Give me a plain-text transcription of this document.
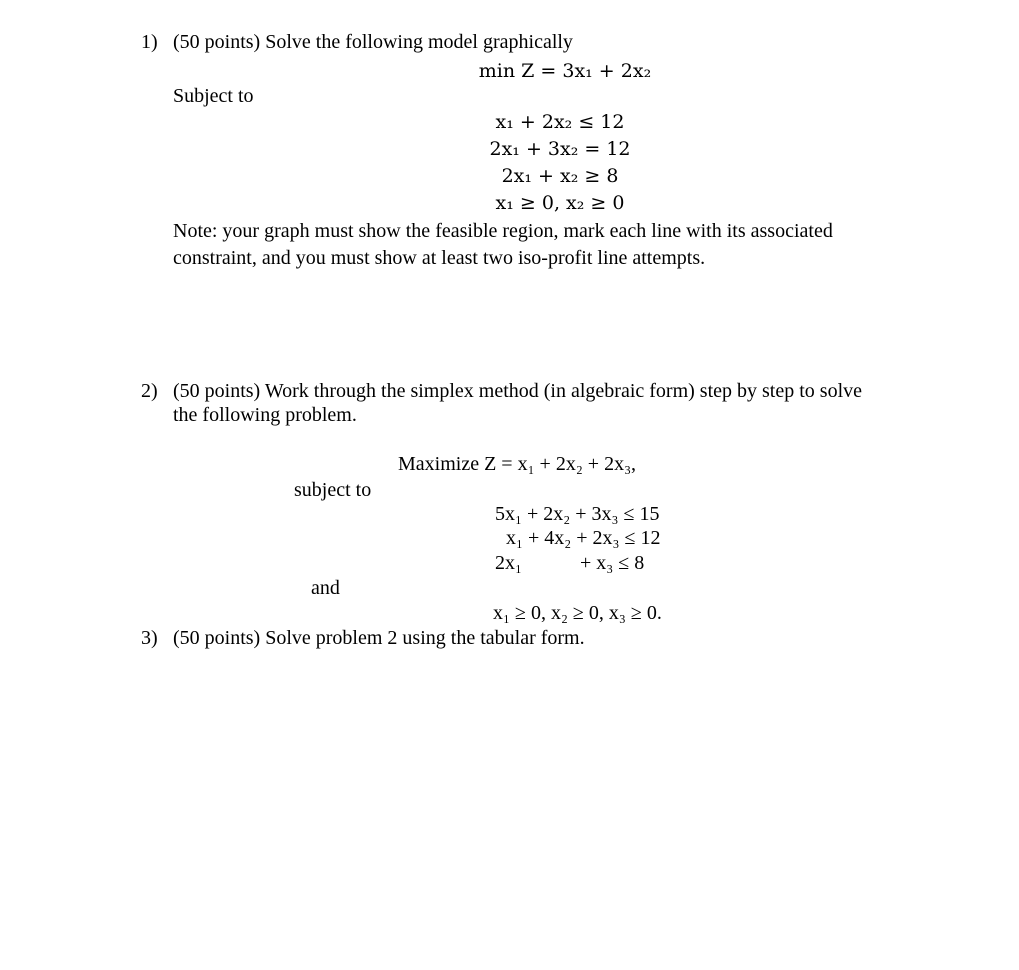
1) (50 points) Solve the following model graphically
min Z = 3x₁ + 2x₂
Subject to
x₁ + 2x₂ ≤ 12
2x₁ + 3x₂ = 12
2x₁ + x₂ ≥ 8
x₁ ≥ 0, x₂ ≥ 0
Note: your graph must show the feasible region, mark each line with its associated
constraint, and you must show at least two iso-profit line attempts.
2) (50 points) Work through the simplex method (in algebraic form) step by step to solve
the following problem.
Maximize Z = x₁ + 2x₂ + 2x₃,
subject to
5x₁ + 2x₂ + 3x₃ ≤ 15
x₁ + 4x₂ + 2x₃ ≤ 12
2x₁	+ x₃ ≤ 8
and
x₁ ≥ 0, x₂ ≥ 0, x₃ ≥ 0.
3) (50 points) Solve problem 2 using the tabular form.
